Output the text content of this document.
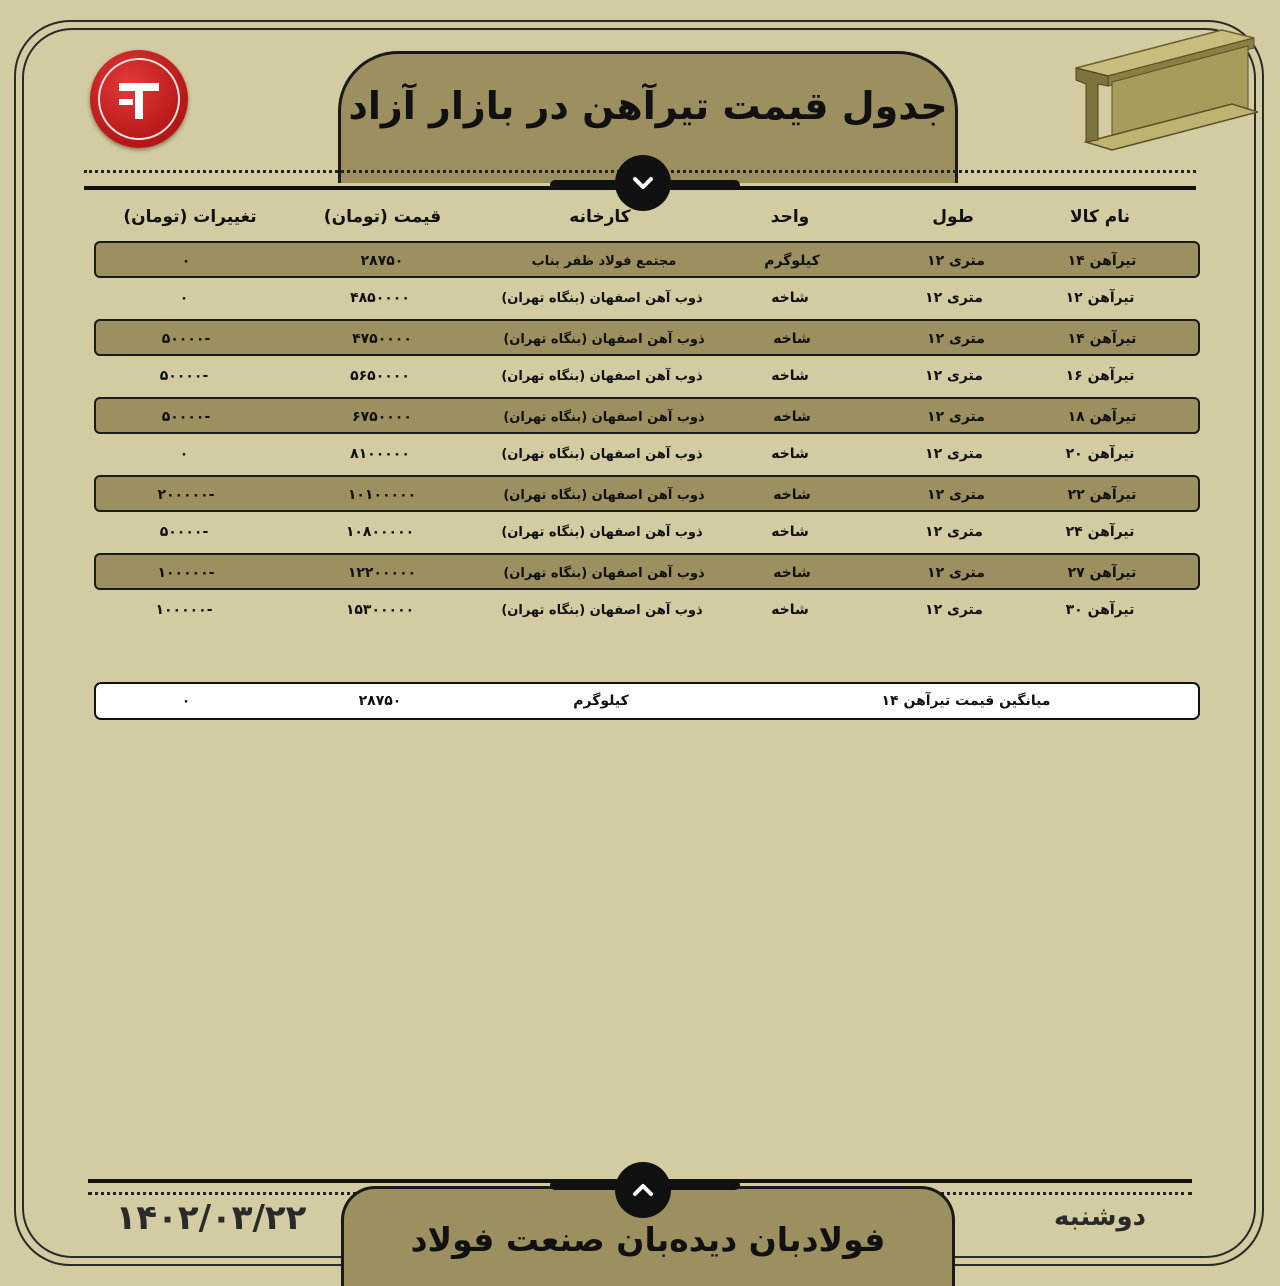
جدول قیمت تیرآهن در بازار آزاد
نام کالا
طول
واحد
کارخانه
قیمت (تومان)
تغییرات (تومان)
تیرآهن ۱۴
متری ۱۲
کیلوگرم
مجتمع فولاد ظفر بناب
۲۸۷۵۰
۰
تیرآهن ۱۲
متری ۱۲
شاخه
ذوب آهن اصفهان (بنگاه تهران)
۴۸۵۰۰۰۰
۰
تیرآهن ۱۴
متری ۱۲
شاخه
ذوب آهن اصفهان (بنگاه تهران)
۴۷۵۰۰۰۰
-۵۰۰۰۰
تیرآهن ۱۶
متری ۱۲
شاخه
ذوب آهن اصفهان (بنگاه تهران)
۵۶۵۰۰۰۰
-۵۰۰۰۰
تیرآهن ۱۸
متری ۱۲
شاخه
ذوب آهن اصفهان (بنگاه تهران)
۶۷۵۰۰۰۰
-۵۰۰۰۰
تیرآهن ۲۰
متری ۱۲
شاخه
ذوب آهن اصفهان (بنگاه تهران)
۸۱۰۰۰۰۰
۰
تیرآهن ۲۲
متری ۱۲
شاخه
ذوب آهن اصفهان (بنگاه تهران)
۱۰۱۰۰۰۰۰
-۲۰۰۰۰۰
تیرآهن ۲۴
متری ۱۲
شاخه
ذوب آهن اصفهان (بنگاه تهران)
۱۰۸۰۰۰۰۰
-۵۰۰۰۰
تیرآهن ۲۷
متری ۱۲
شاخه
ذوب آهن اصفهان (بنگاه تهران)
۱۲۲۰۰۰۰۰
-۱۰۰۰۰۰
تیرآهن ۳۰
متری ۱۲
شاخه
ذوب آهن اصفهان (بنگاه تهران)
۱۵۳۰۰۰۰۰
-۱۰۰۰۰۰
میانگین قیمت تیرآهن ۱۴
کیلوگرم
۲۸۷۵۰
۰
فولادبان دیده‌بان صنعت فولاد
۱۴۰۲/۰۳/۲۲	دوشنبه
